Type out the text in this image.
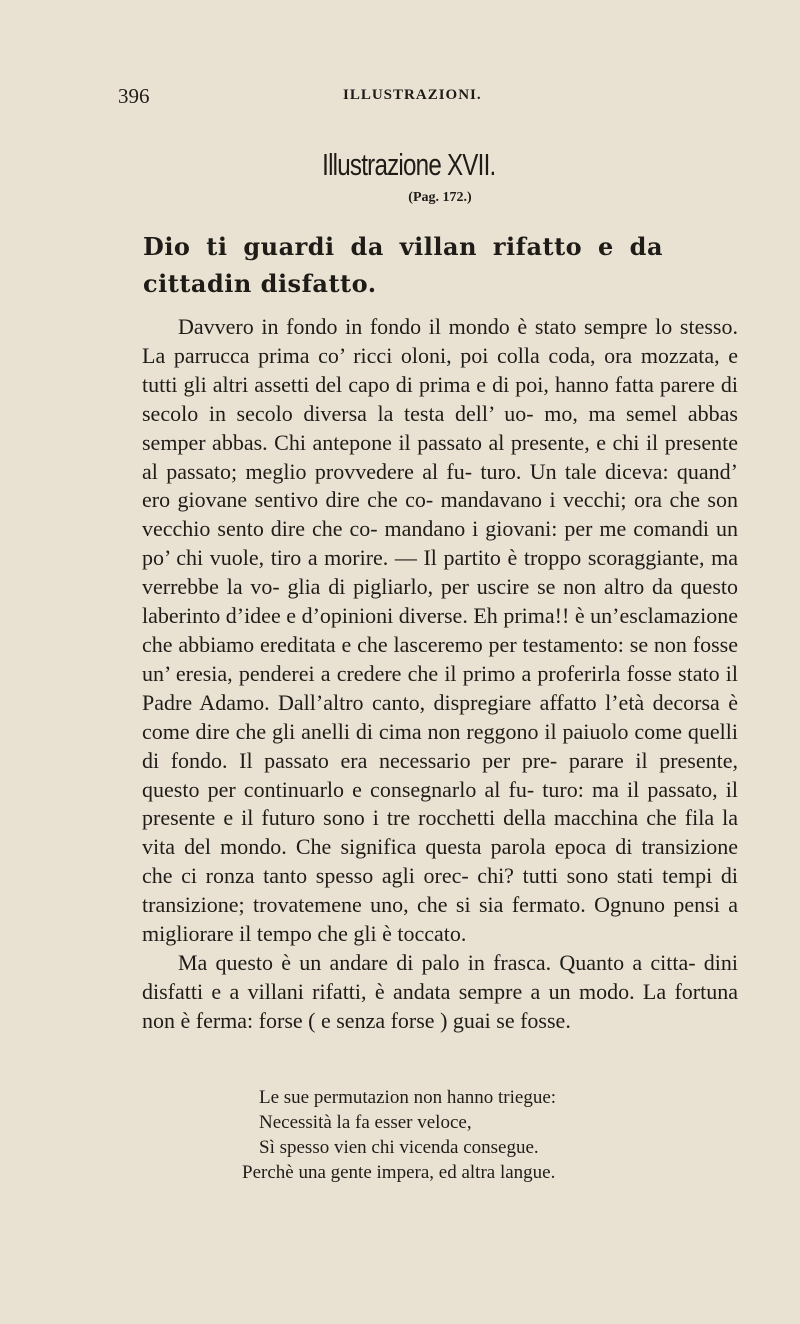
396	ILLUSTRAZIONI.
Illustrazione XVII.
(Pag. 172.)
Dio ti guardi da villan rifatto e da cittadin disfatto.

Davvero in fondo in fondo il mondo è stato sempre lo stesso. La parrucca prima co’ ricci oloni, poi colla coda, ora mozzata, e tutti gli altri assetti del capo di prima e di poi, hanno fatta parere di secolo in secolo diversa la testa dell’ uo- mo, ma semel abbas semper abbas. Chi antepone il passato al presente, e chi il presente al passato; meglio provvedere al fu- turo. Un tale diceva: quand’ ero giovane sentivo dire che co- mandavano i vecchi; ora che son vecchio sento dire che co- mandano i giovani: per me comandi un po’ chi vuole, tiro a morire. — Il partito è troppo scoraggiante, ma verrebbe la vo- glia di pigliarlo, per uscire se non altro da questo laberinto d’idee e d’opinioni diverse. Eh prima!! è un’esclamazione che abbiamo ereditata e che lasceremo per testamento: se non fosse un’ eresia, penderei a credere che il primo a proferirla fosse stato il Padre Adamo. Dall’altro canto, dispregiare affatto l’età decorsa è come dire che gli anelli di cima non reggono il paiuolo come quelli di fondo. Il passato era necessario per pre- parare il presente, questo per continuarlo e consegnarlo al fu- turo: ma il passato, il presente e il futuro sono i tre rocchetti della macchina che fila la vita del mondo. Che significa questa parola epoca di transizione che ci ronza tanto spesso agli orec- chi? tutti sono stati tempi di transizione; trovatemene uno, che si sia fermato. Ognuno pensi a migliorare il tempo che gli è toccato.

Ma questo è un andare di palo in frasca. Quanto a citta- dini disfatti e a villani rifatti, è andata sempre a un modo. La fortuna non è ferma: forse ( e senza forse ) guai se fosse.

Le sue permutazion non hanno triegue:
Necessità la fa esser veloce,
Sì spesso vien chi vicenda consegue.
Perchè una gente impera, ed altra langue.
